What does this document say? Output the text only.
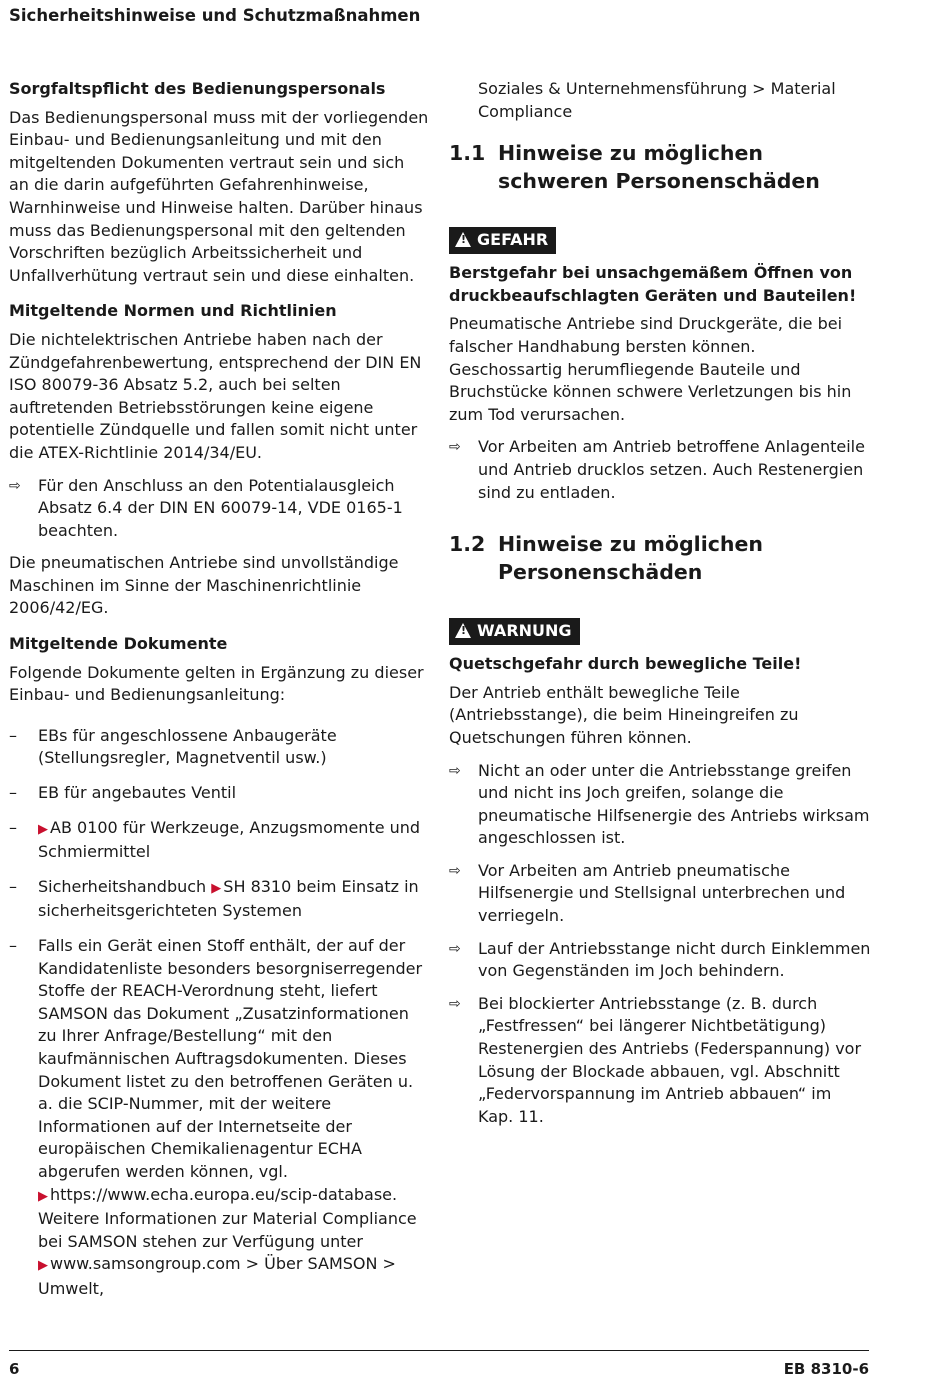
Sicherheitshinweise und Schutzmaßnahmen
Sorgfaltspflicht des Bedienungspersonals

Das Bedienungspersonal muss mit der vorliegenden Einbau- und Bedienungsanleitung und mit den mitgeltenden Dokumenten vertraut sein und sich an die darin aufgeführten Gefahrenhinweise, Warnhinweise und Hinweise halten. Darüber hinaus muss das Bedienungspersonal mit den geltenden Vorschriften bezüglich Arbeitssicherheit und Unfallverhütung vertraut sein und diese einhalten.

Mitgeltende Normen und Richtlinien

Die nichtelektrischen Antriebe haben nach der Zündgefahrenbewertung, entsprechend der DIN EN ISO 80079-36 Absatz 5.2, auch bei selten auftretenden Betriebsstörungen keine eigene potentielle Zündquelle und fallen somit nicht unter die ATEX-Richtlinie 2014/34/EU.

⇨ Für den Anschluss an den Potentialausgleich Absatz 6.4 der DIN EN 60079-14, VDE 0165-1 beachten.

Die pneumatischen Antriebe sind unvollständige Maschinen im Sinne der Maschinenrichtlinie 2006/42/EG.

Mitgeltende Dokumente

Folgende Dokumente gelten in Ergänzung zu dieser Einbau- und Bedienungsanleitung:

– EBs für angeschlossene Anbaugeräte (Stellungsregler, Magnetventil usw.)
– EB für angebautes Ventil
– ▶ AB 0100 für Werkzeuge, Anzugsmomente und Schmiermittel
– Sicherheitshandbuch ▶ SH 8310 beim Einsatz in sicherheitsgerichteten Systemen
– Falls ein Gerät einen Stoff enthält, der auf der Kandidatenliste besonders besorgniserregender Stoffe der REACH-Verordnung steht, liefert SAMSON das Dokument „Zusatzinformationen zu Ihrer Anfrage/Bestellung“ mit den kaufmännischen Auftragsdokumenten. Dieses Dokument listet zu den betroffenen Geräten u. a. die SCIP-Nummer, mit der weitere Informationen auf der Internetseite der europäischen Chemikalienagentur ECHA abgerufen werden können, vgl. ▶ https://www.echa.europa.eu/scip-database.
Weitere Informationen zur Material Compliance bei SAMSON stehen zur Verfügung unter ▶ www.samsongroup.com > Über SAMSON > Umwelt,
Soziales & Unternehmensführung > Material Compliance
1.1 Hinweise zu möglichen schweren Personenschäden
!GEFAHR
Berstgefahr bei unsachgemäßem Öffnen von druckbeaufschlagten Geräten und Bauteilen!

Pneumatische Antriebe sind Druckgeräte, die bei falscher Handhabung bersten können. Geschossartig herumfliegende Bauteile und Bruchstücke können schwere Verletzungen bis hin zum Tod verursachen.

⇨ Vor Arbeiten am Antrieb betroffene Anlagenteile und Antrieb drucklos setzen. Auch Restenergien sind zu entladen.
1.2 Hinweise zu möglichen Personenschäden
!WARNUNG
Quetschgefahr durch bewegliche Teile!

Der Antrieb enthält bewegliche Teile (Antriebsstange), die beim Hineingreifen zu Quetschungen führen können.

⇨ Nicht an oder unter die Antriebsstange greifen und nicht ins Joch greifen, solange die pneumatische Hilfsenergie des Antriebs wirksam angeschlossen ist.
⇨ Vor Arbeiten am Antrieb pneumatische Hilfsenergie und Stellsignal unterbrechen und verriegeln.
⇨ Lauf der Antriebsstange nicht durch Einklemmen von Gegenständen im Joch behindern.
⇨ Bei blockierter Antriebsstange (z. B. durch „Festfressen“ bei längerer Nichtbetätigung) Restenergien des Antriebs (Federspannung) vor Lösung der Blockade abbauen, vgl. Abschnitt „Federvorspannung im Antrieb abbauen“ im Kap. 11.
6	EB 8310-6
